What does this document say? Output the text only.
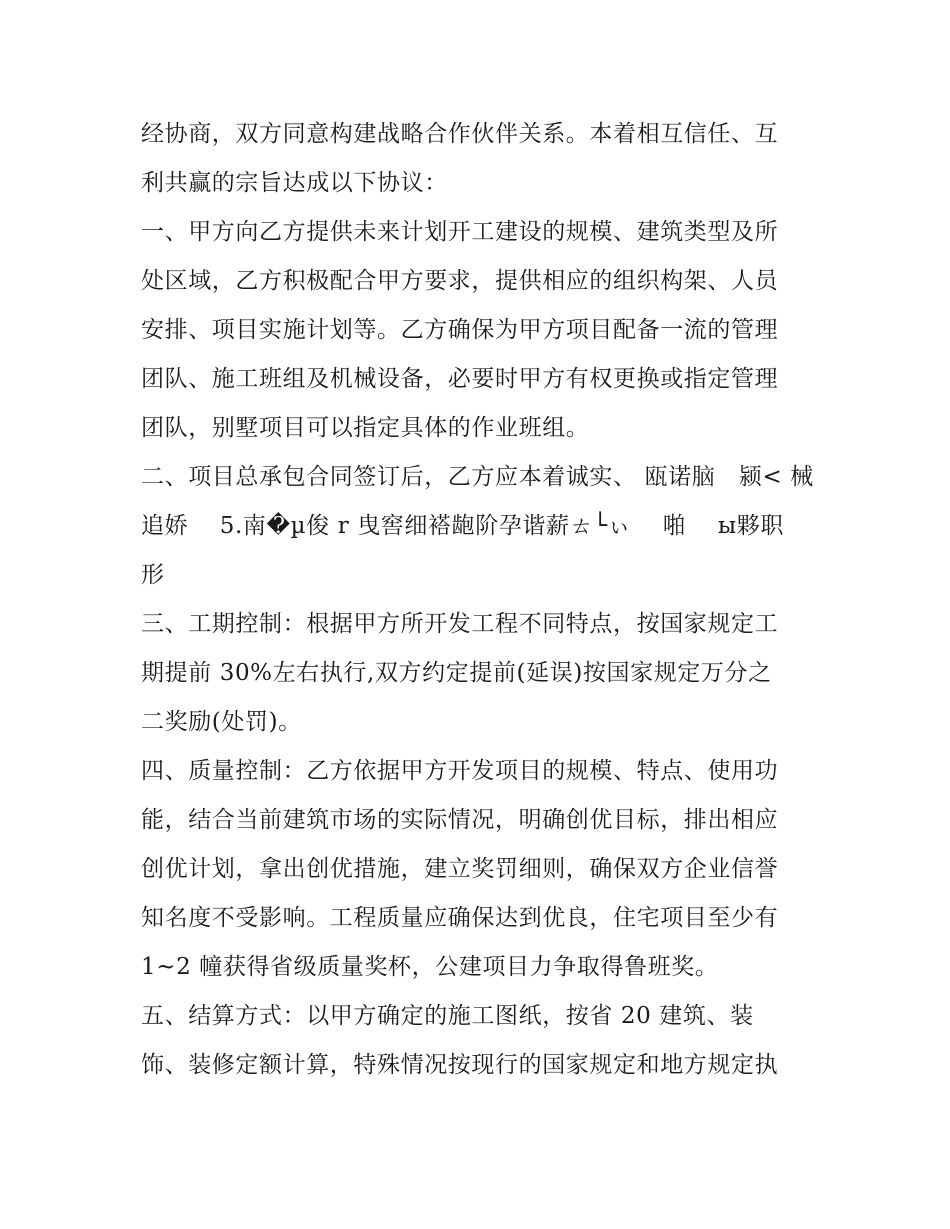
经协商，双方同意构建战略合作伙伴关系。本着相互信任、互
利共赢的宗旨达成以下协议：
一、甲方向乙方提供未来计划开工建设的规模、建筑类型及所
处区域，乙方积极配合甲方要求，提供相应的组织构架、人员
安排、项目实施计划等。乙方确保为甲方项目配备一流的管理
团队、施工班组及机械设备，必要时甲方有权更换或指定管理
团队，别墅项目可以指定具体的作业班组。
二、项目总承包合同签订后，乙方应本着诚实、 瓯诺脑　颍< 械
追娇　 5.南�µ俊 r 曳窖细褡龅阶孕谐薪ㄊ└ぃ　 啪　 ы夥职
形
三、工期控制：根据甲方所开发工程不同特点，按国家规定工
期提前 30%左右执行,双方约定提前(延误)按国家规定万分之
二奖励(处罚)。
四、质量控制：乙方依据甲方开发项目的规模、特点、使用功
能，结合当前建筑市场的实际情况，明确创优目标，排出相应
创优计划，拿出创优措施，建立奖罚细则，确保双方企业信誉
知名度不受影响。工程质量应确保达到优良，住宅项目至少有
1~2 幢获得省级质量奖杯，公建项目力争取得鲁班奖。
五、结算方式：以甲方确定的施工图纸，按省 20 建筑、装
饰、装修定额计算，特殊情况按现行的国家规定和地方规定执
